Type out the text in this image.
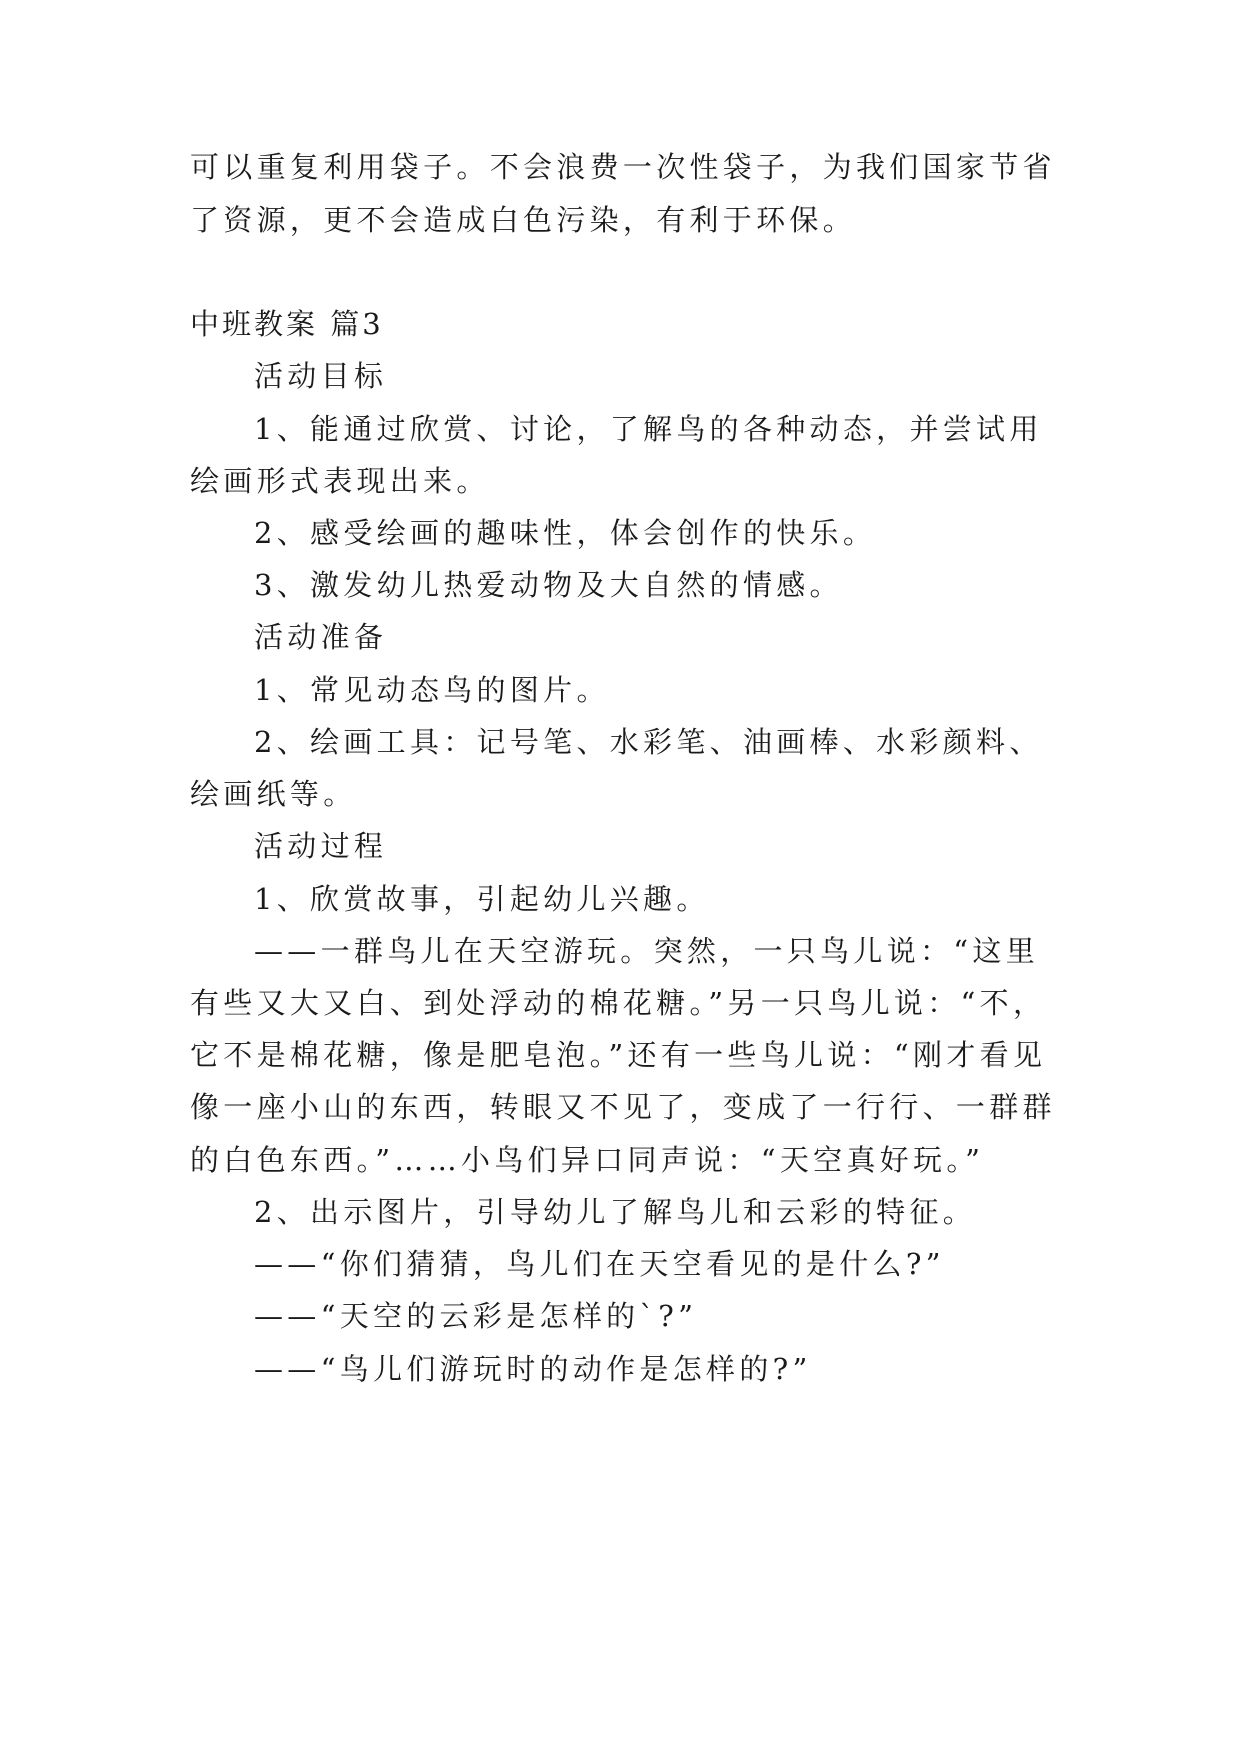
可以重复利用袋子。不会浪费一次性袋子，为我们国家节省
了资源，更不会造成白色污染，有利于环保。
中班教案 篇3
活动目标
1、能通过欣赏、讨论，了解鸟的各种动态，并尝试用
绘画形式表现出来。
2、感受绘画的趣味性，体会创作的快乐。
3、激发幼儿热爱动物及大自然的情感。
活动准备
1、常见动态鸟的图片。
2、绘画工具：记号笔、水彩笔、油画棒、水彩颜料、
绘画纸等。
活动过程
1、欣赏故事，引起幼儿兴趣。
——一群鸟儿在天空游玩。突然，一只鸟儿说：“这里
有些又大又白、到处浮动的棉花糖。”另一只鸟儿说：“不，
它不是棉花糖，像是肥皂泡。”还有一些鸟儿说：“刚才看见
像一座小山的东西，转眼又不见了，变成了一行行、一群群
的白色东西。”……小鸟们异口同声说：“天空真好玩。”
2、出示图片，引导幼儿了解鸟儿和云彩的特征。
——“你们猜猜，鸟儿们在天空看见的是什么?”
——“天空的云彩是怎样的`?”
——“鸟儿们游玩时的动作是怎样的?”
